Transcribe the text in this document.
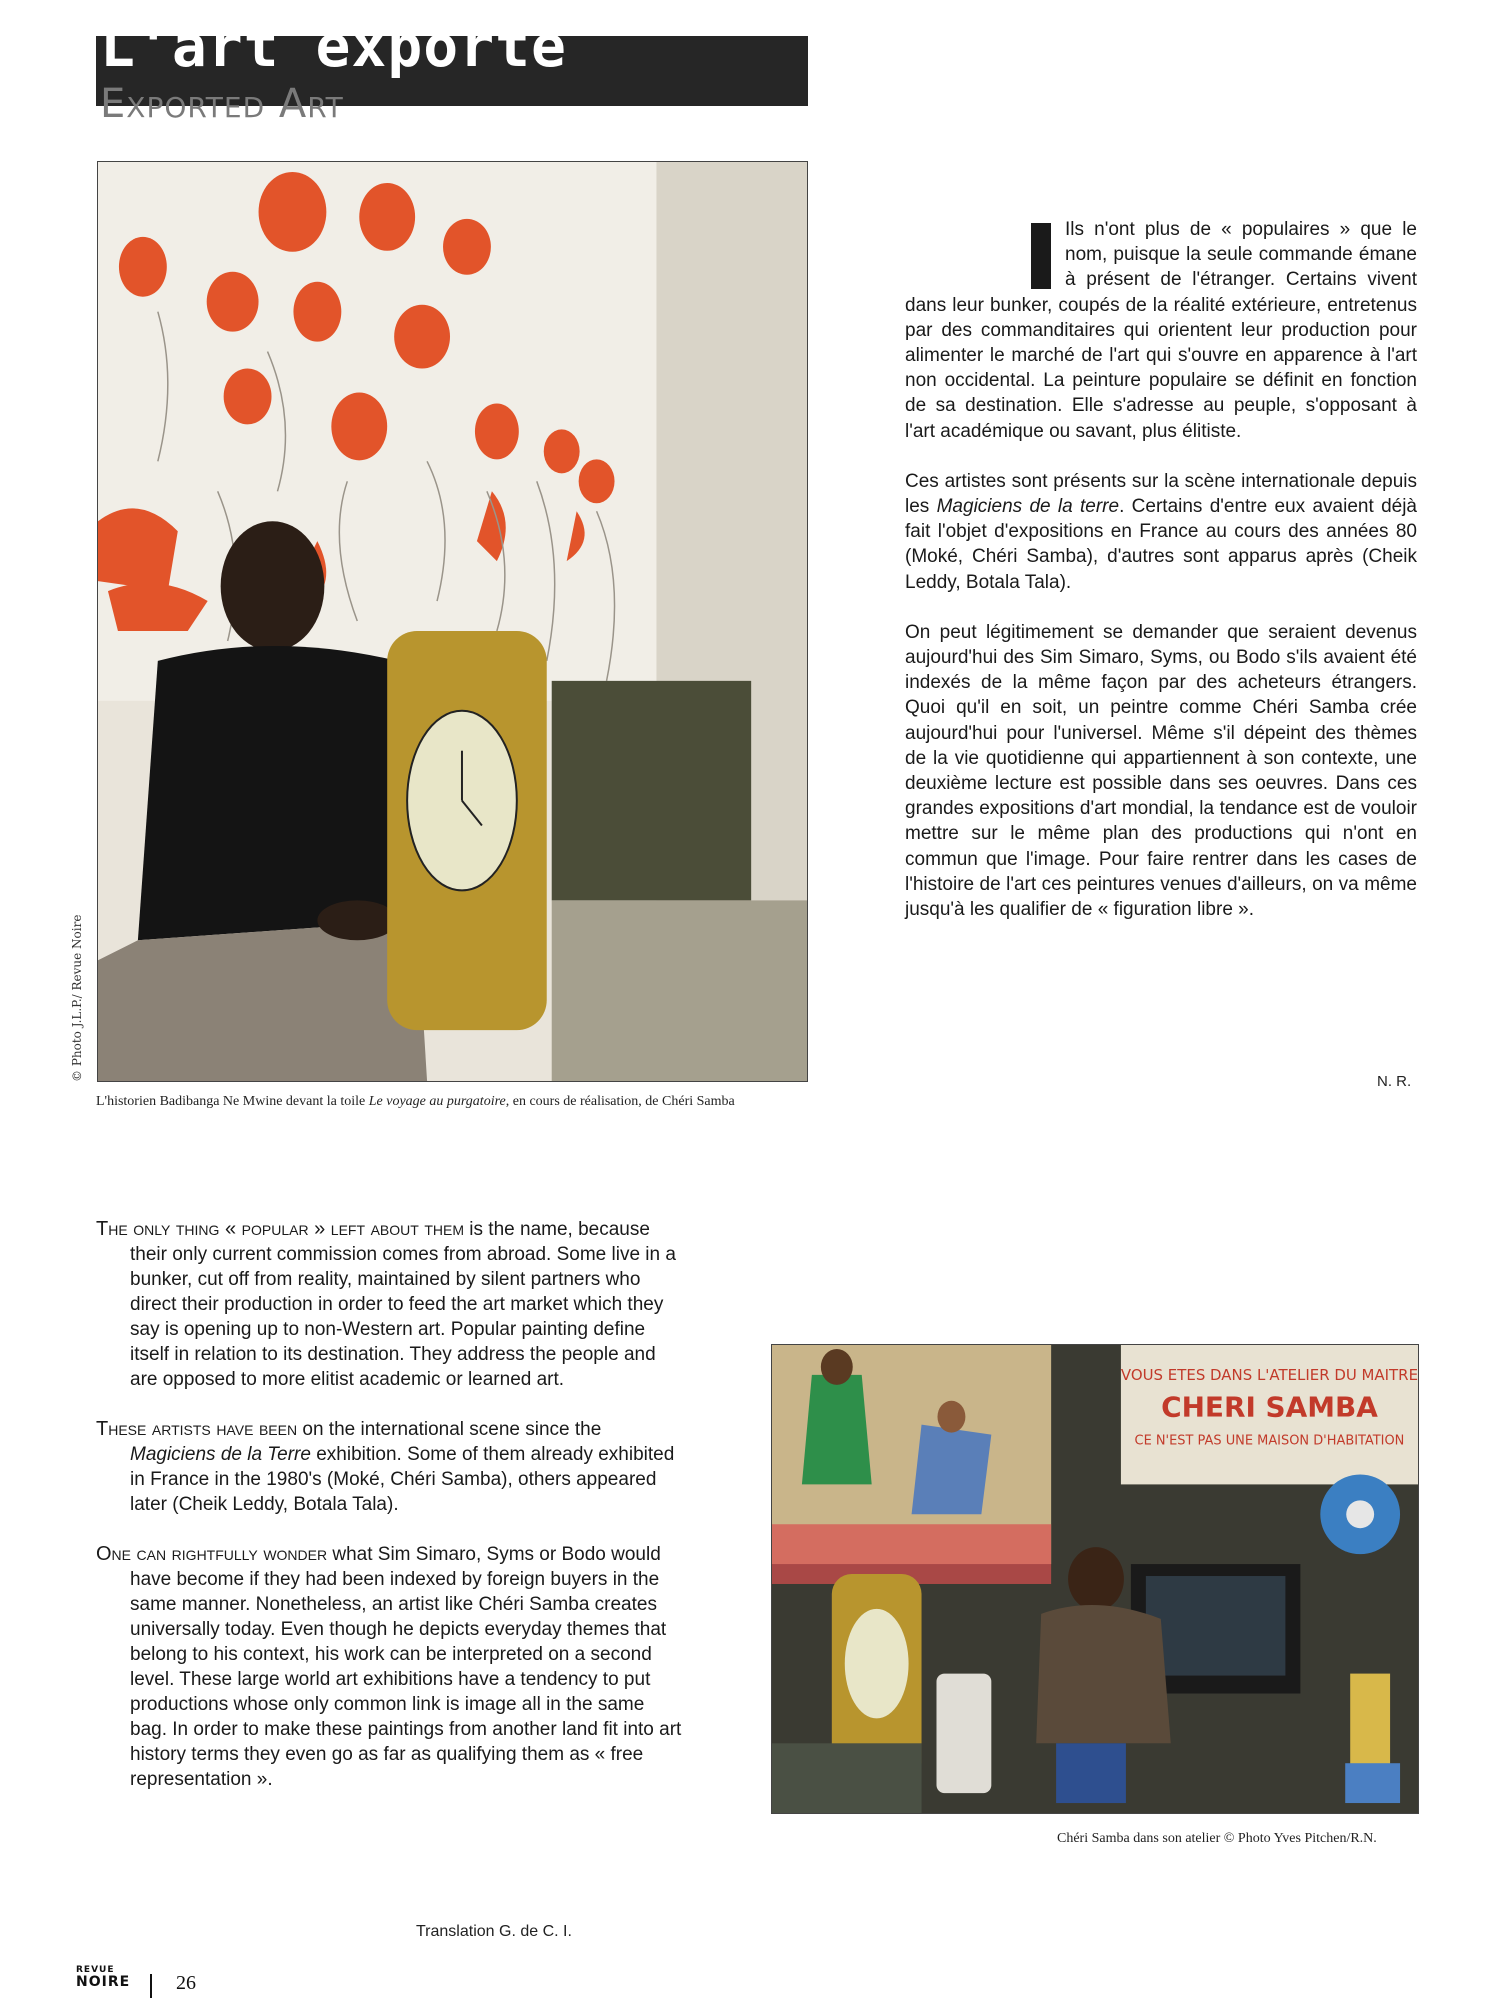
L'art exporté
Exported Art
© Photo J.L.P./ Revue Noire
L'historien Badibanga Ne Mwine devant la toile Le voyage au purgatoire, en cours de réalisation, de Chéri Samba

Ils n'ont plus de « populaires » que le nom, puisque la seule commande émane à présent de l'étranger. Certains vivent dans leur bunker, coupés de la réalité extérieure, entretenus par des commanditaires qui orientent leur production pour alimenter le marché de l'art qui s'ouvre en apparence à l'art non occidental. La peinture populaire se définit en fonction de sa destination. Elle s'adresse au peuple, s'opposant à l'art académique ou savant, plus élitiste.

Ces artistes sont présents sur la scène internationale depuis les Magiciens de la terre. Certains d'entre eux avaient déjà fait l'objet d'expositions en France au cours des années 80 (Moké, Chéri Samba), d'autres sont apparus après (Cheik Leddy, Botala Tala).

On peut légitimement se demander que seraient devenus aujourd'hui des Sim Simaro, Syms, ou Bodo s'ils avaient été indexés de la même façon par des acheteurs étrangers. Quoi qu'il en soit, un peintre comme Chéri Samba crée aujourd'hui pour l'universel. Même s'il dépeint des thèmes de la vie quotidienne qui appartiennent à son contexte, une deuxième lecture est possible dans ses oeuvres. Dans ces grandes expositions d'art mondial, la tendance est de vouloir mettre sur le même plan des productions qui n'ont en commun que l'image. Pour faire rentrer dans les cases de l'histoire de l'art ces peintures venues d'ailleurs, on va même jusqu'à les qualifier de « figuration libre ».

N. R.

The only thing « popular » left about them is the name, because their only current commission comes from abroad. Some live in a bunker, cut off from reality, maintained by silent partners who direct their production in order to feed the art market which they say is opening up to non-Western art. Popular painting define itself in relation to its destination. They address the people and are opposed to more elitist academic or learned art.

These artists have been on the international scene since the Magiciens de la Terre exhibition. Some of them already exhibited in France in the 1980's (Moké, Chéri Samba), others appeared later (Cheik Leddy, Botala Tala).

One can rightfully wonder what Sim Simaro, Syms or Bodo would have become if they had been indexed by foreign buyers in the same manner. Nonetheless, an artist like Chéri Samba creates universally today. Even though he depicts everyday themes that belong to his context, his work can be interpreted on a second level. These large world art exhibitions have a tendency to put productions whose only common link is image all in the same bag. In order to make these paintings from another land fit into art history terms they even go as far as qualifying them as « free representation ».

Translation G. de C. I.
VOUS ETES DANS L'ATELIER DU MAITRE
CHERI SAMBA
CE N'EST PAS UNE MAISON D'HABITATION
Chéri Samba dans son atelier © Photo Yves Pitchen/R.N.
REVUE
NOIRE	26
